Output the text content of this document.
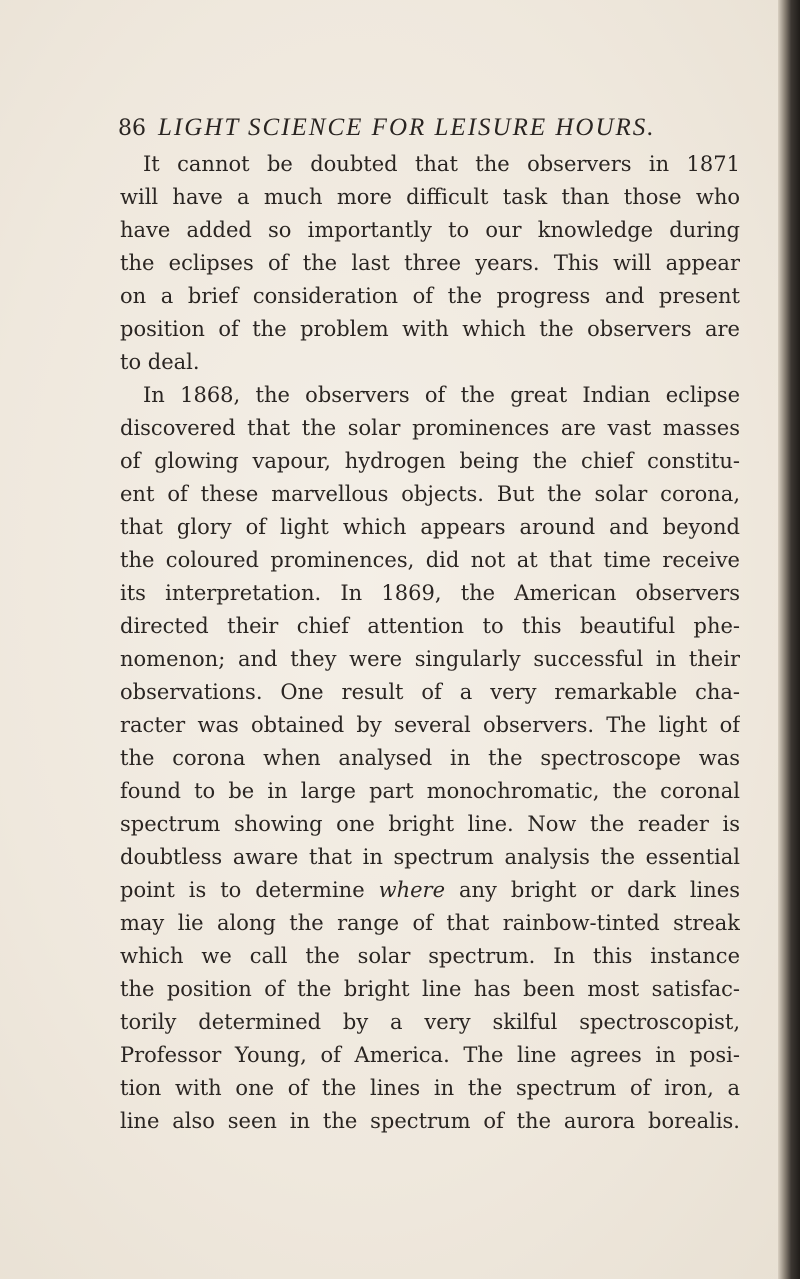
86 LIGHT SCIENCE FOR LEISURE HOURS.
It cannot be doubted that the observers in 1871
will have a much more difficult task than those who
have added so importantly to our knowledge during
the eclipses of the last three years. This will appear
on a brief consideration of the progress and present
position of the problem with which the observers are
to deal.
In 1868, the observers of the great Indian eclipse
discovered that the solar prominences are vast masses
of glowing vapour, hydrogen being the chief constitu-
ent of these marvellous objects. But the solar corona,
that glory of light which appears around and beyond
the coloured prominences, did not at that time receive
its interpretation. In 1869, the American observers
directed their chief attention to this beautiful phe-
nomenon; and they were singularly successful in their
observations. One result of a very remarkable cha-
racter was obtained by several observers. The light of
the corona when analysed in the spectroscope was
found to be in large part monochromatic, the coronal
spectrum showing one bright line. Now the reader is
doubtless aware that in spectrum analysis the essential
point is to determine where any bright or dark lines
may lie along the range of that rainbow-tinted streak
which we call the solar spectrum. In this instance
the position of the bright line has been most satisfac-
torily determined by a very skilful spectroscopist,
Professor Young, of America. The line agrees in posi-
tion with one of the lines in the spectrum of iron, a
line also seen in the spectrum of the aurora borealis.
